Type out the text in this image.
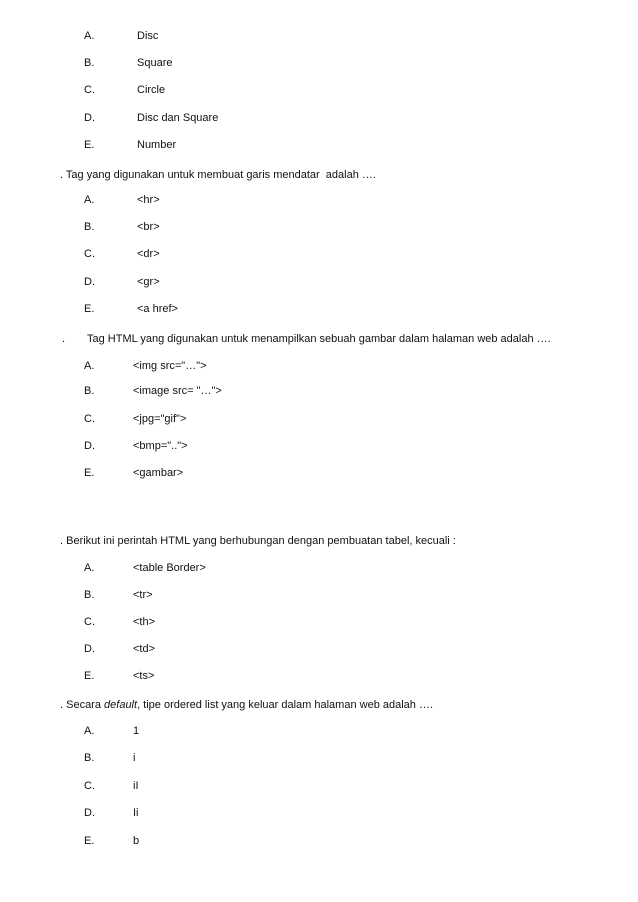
A.	Disc
B.	Square
C.	Circle
D.	Disc dan Square
E.	Number
. Tag yang digunakan untuk membuat garis mendatar  adalah ….
A.	<hr>
B.	<br>
C.	<dr>
D.	<gr>
E.	<a href>
. Tag HTML yang digunakan untuk menampilkan sebuah gambar dalam halaman web adalah ….
A.	<img src="…">
B.	<image src= "…">
C.	<jpg="gif">
D.	<bmp="..">
E.	<gambar>
. Berikut ini perintah HTML yang berhubungan dengan pembuatan tabel, kecuali :
A.	<table Border>
B.	<tr>
C.	<th>
D.	<td>
E.	<ts>
. Secara default, tipe ordered list yang keluar dalam halaman web adalah ….
A.	1
B.	i
C.	iI
D.	Ii
E.	b
